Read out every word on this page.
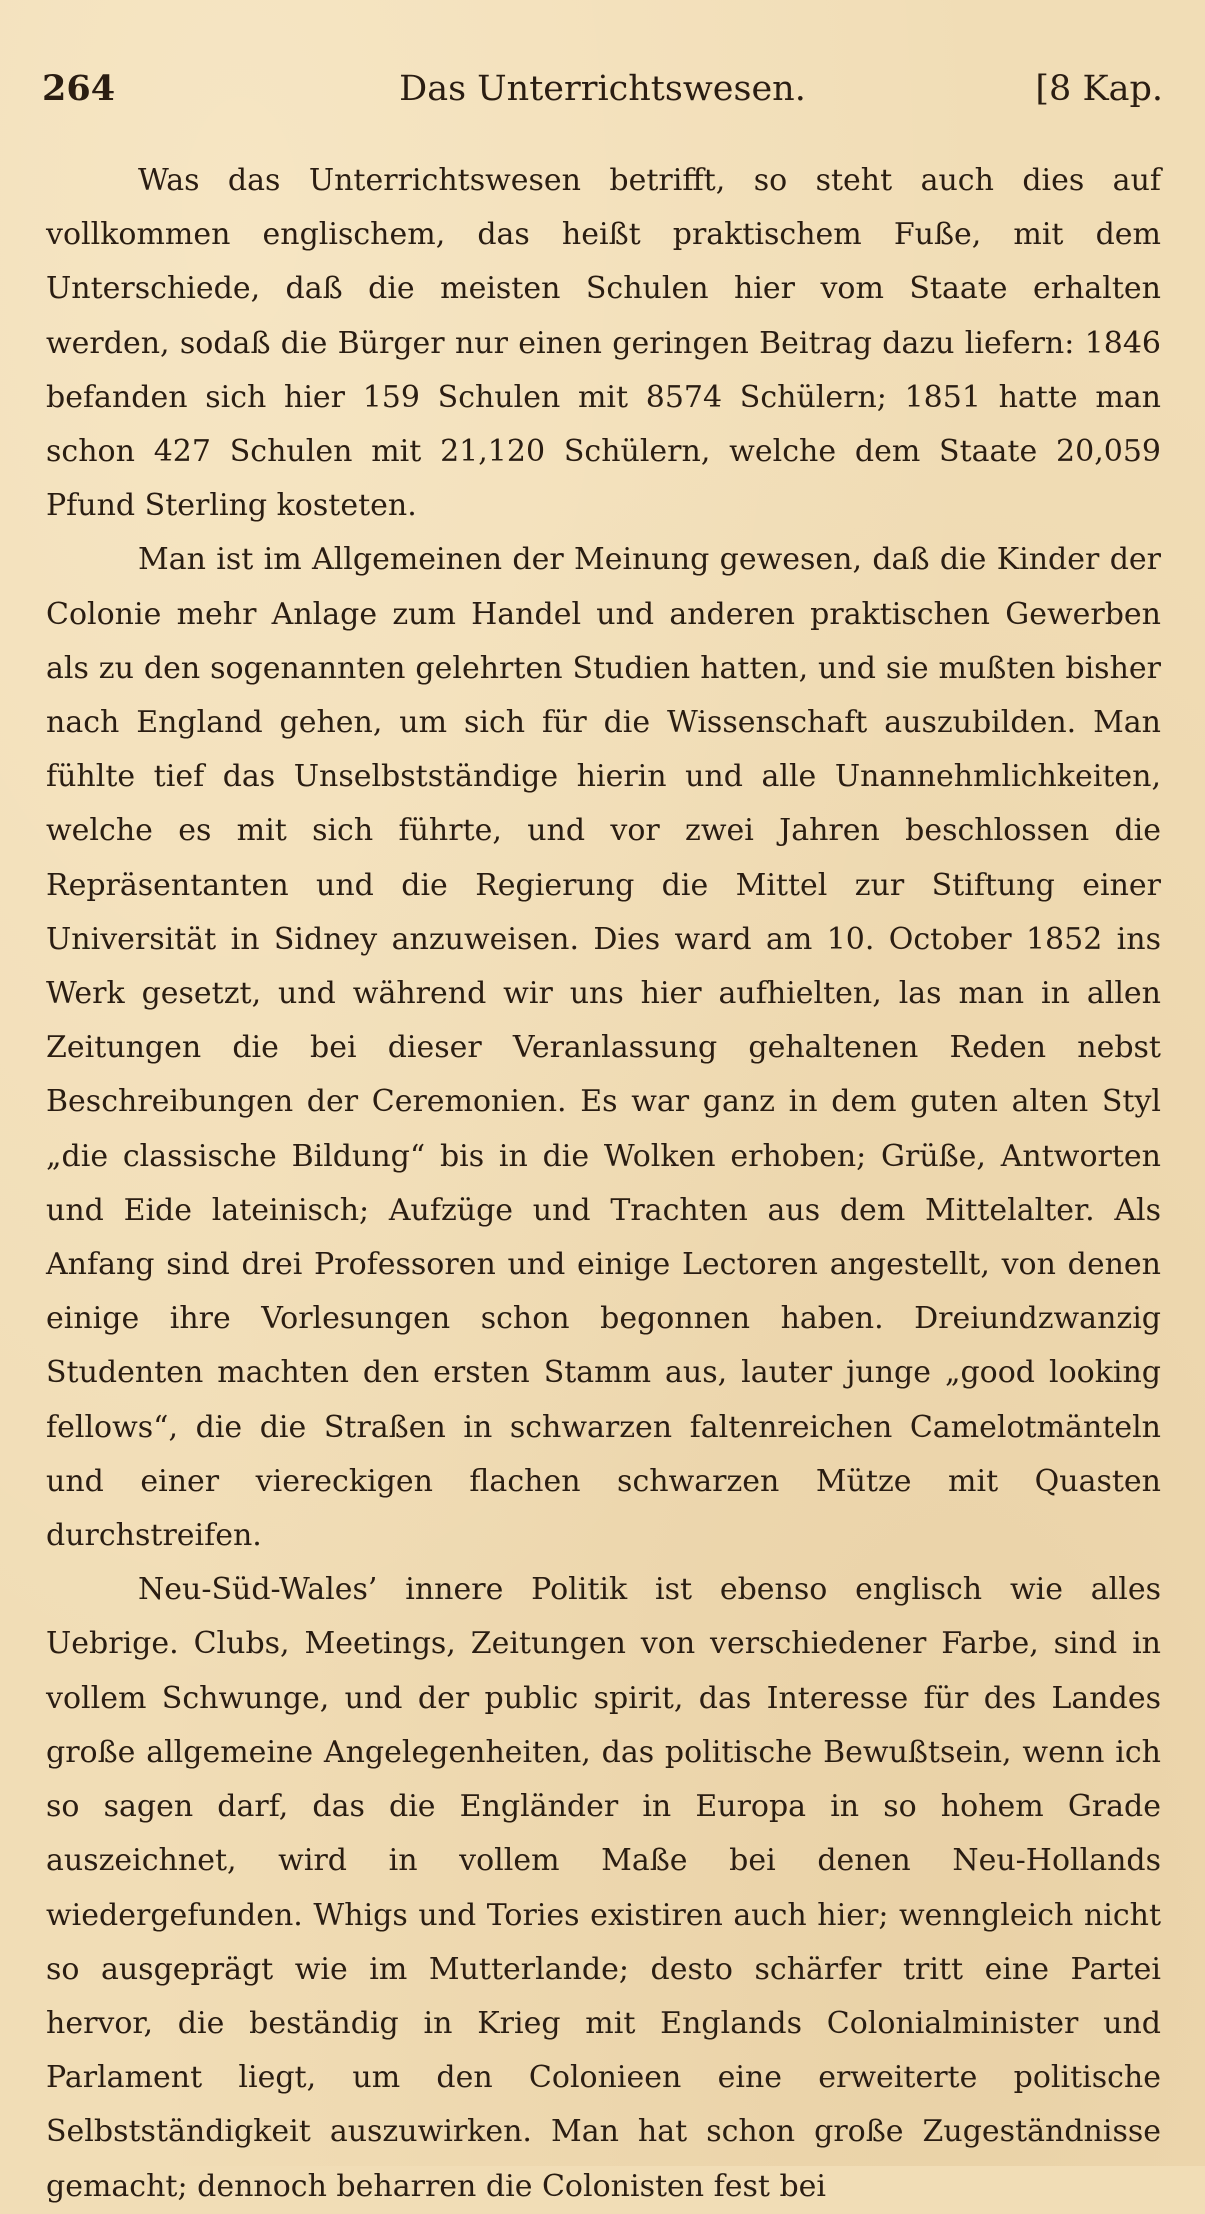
264	Das Unterrichtswesen.	[8 Kap.

Was das Unterrichtswesen betrifft, so steht auch dies auf vollkommen englischem, das heißt praktischem Fuße, mit dem Unterschiede, daß die meisten Schulen hier vom Staate erhalten werden, sodaß die Bürger nur einen geringen Beitrag dazu liefern: 1846 befanden sich hier 159 Schulen mit 8574 Schülern; 1851 hatte man schon 427 Schulen mit 21,120 Schülern, welche dem Staate 20,059 Pfund Sterling kosteten.

Man ist im Allgemeinen der Meinung gewesen, daß die Kinder der Colonie mehr Anlage zum Handel und anderen praktischen Gewerben als zu den sogenannten gelehrten Studien hatten, und sie mußten bisher nach England gehen, um sich für die Wissenschaft auszubilden. Man fühlte tief das Unselbstständige hierin und alle Unannehmlichkeiten, welche es mit sich führte, und vor zwei Jahren beschlossen die Repräsentanten und die Regierung die Mittel zur Stiftung einer Universität in Sidney anzuweisen. Dies ward am 10. October 1852 ins Werk gesetzt, und während wir uns hier aufhielten, las man in allen Zeitungen die bei dieser Veranlassung gehaltenen Reden nebst Beschreibungen der Ceremonien. Es war ganz in dem guten alten Styl „die classische Bildung“ bis in die Wolken erhoben; Grüße, Antworten und Eide lateinisch; Aufzüge und Trachten aus dem Mittelalter. Als Anfang sind drei Professoren und einige Lectoren angestellt, von denen einige ihre Vorlesungen schon begonnen haben. Dreiundzwanzig Studenten machten den ersten Stamm aus, lauter junge „good looking fellows“, die die Straßen in schwarzen faltenreichen Camelotmänteln und einer viereckigen flachen schwarzen Mütze mit Quasten durchstreifen.

Neu-Süd-Wales’ innere Politik ist ebenso englisch wie alles Uebrige. Clubs, Meetings, Zeitungen von verschiedener Farbe, sind in vollem Schwunge, und der public spirit, das Interesse für des Landes große allgemeine Angelegenheiten, das politische Bewußtsein, wenn ich so sagen darf, das die Engländer in Europa in so hohem Grade auszeichnet, wird in vollem Maße bei denen Neu-Hollands wiedergefunden. Whigs und Tories existiren auch hier; wenngleich nicht so ausgeprägt wie im Mutterlande; desto schärfer tritt eine Partei hervor, die beständig in Krieg mit Englands Colonialminister und Parlament liegt, um den Colonieen eine erweiterte politische Selbstständigkeit auszuwirken. Man hat schon große Zugeständnisse gemacht; dennoch beharren die Colonisten fest bei
